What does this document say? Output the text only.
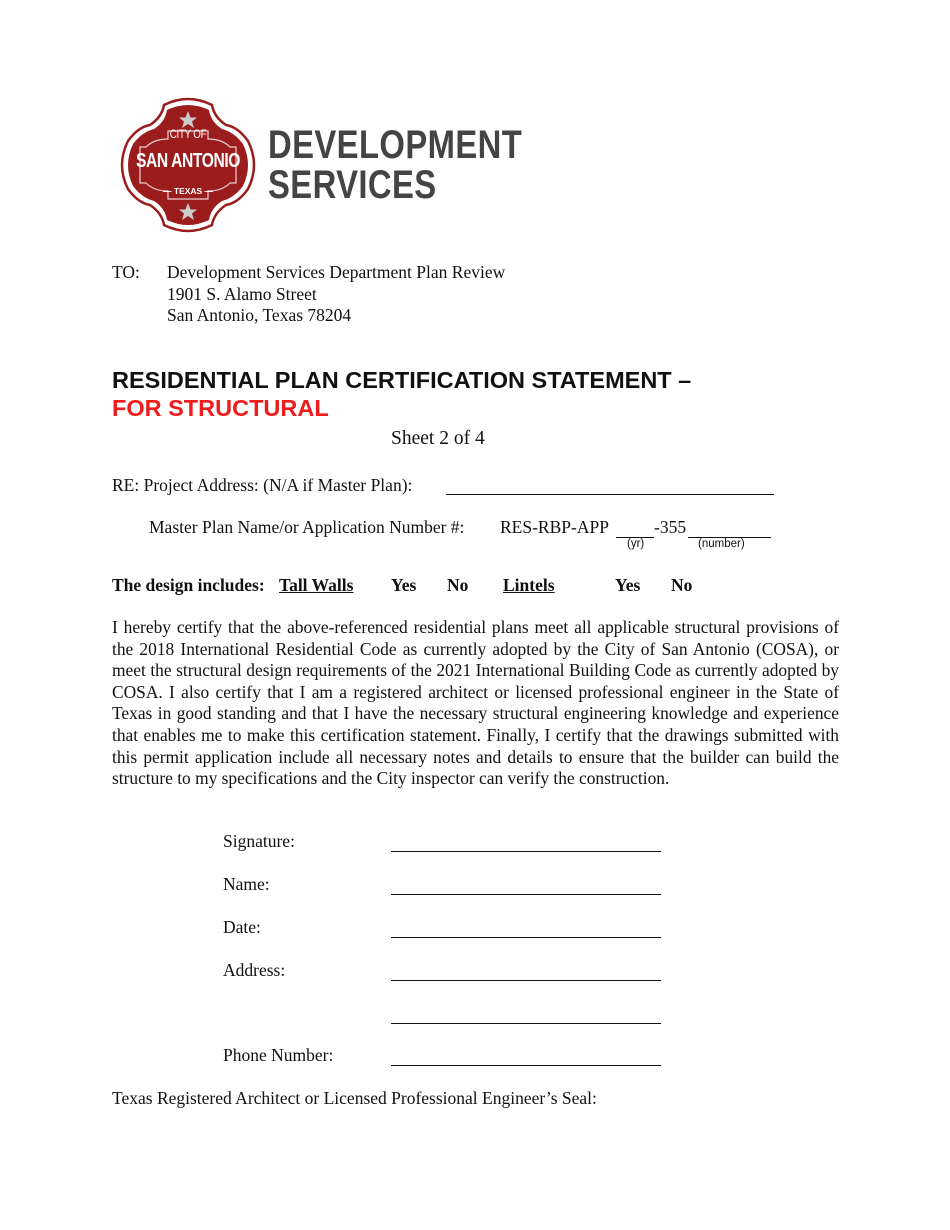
CITY OF
SAN ANTONIO
— TEXAS —
DEVELOPMENT
SERVICES
TO: Development Services Department Plan Review
1901 S. Alamo Street
San Antonio, Texas 78204
RESIDENTIAL PLAN CERTIFICATION STATEMENT –
FOR STRUCTURAL
Sheet 2 of 4
RE: Project Address: (N/A if Master Plan):
Master Plan Name/or Application Number #: RES-RBP-APP	-355
(yr)	(number)
The design includes: Tall Walls Yes No Lintels	Yes No
I hereby certify that the above-referenced residential plans meet all applicable structural provisions of the 2018 International Residential Code as currently adopted by the City of San Antonio (COSA), or meet the structural design requirements of the 2021 International Building Code as currently adopted by COSA. I also certify that I am a registered architect or licensed professional engineer in the State of Texas in good standing and that I have the necessary structural engineering knowledge and experience that enables me to make this certification statement. Finally, I certify that the drawings submitted with this permit application include all necessary notes and details to ensure that the builder can build the structure to my specifications and the City inspector can verify the construction.
Signature:
Name:
Date:
Address:
Phone Number:
Texas Registered Architect or Licensed Professional Engineer’s Seal:
